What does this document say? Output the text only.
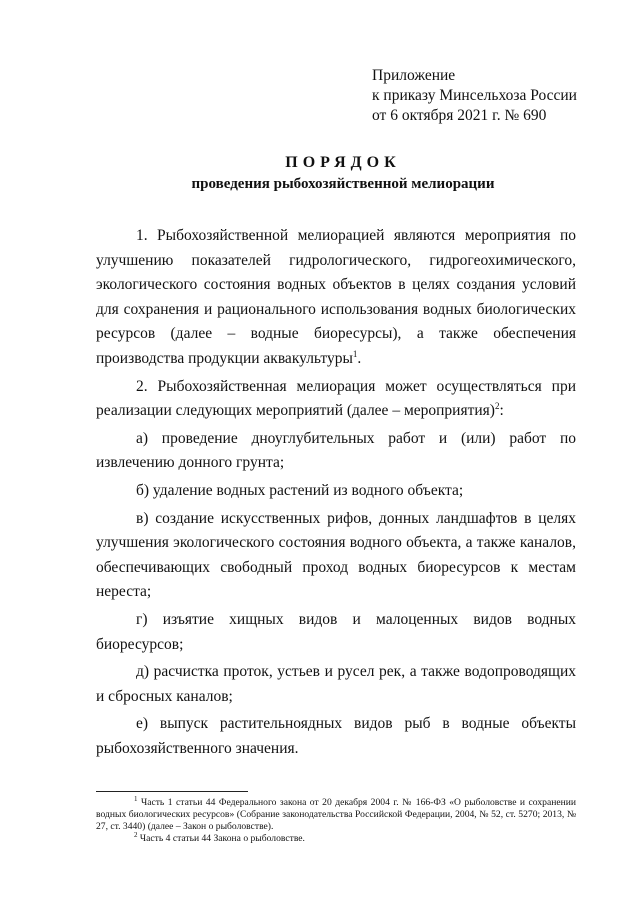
Приложение
к приказу Минсельхоза России
от 6 октября 2021 г. № 690
ПОРЯДОК
проведения рыбохозяйственной мелиорации

1. Рыбохозяйственной мелиорацией являются мероприятия по улучшению показателей гидрологического, гидрогеохимического, экологического состояния водных объектов в целях создания условий для сохранения и рационального использования водных биологических ресурсов (далее – водные биоресурсы), а также обеспечения производства продукции аквакультуры$^1$.

2. Рыбохозяйственная мелиорация может осуществляться при реализации следующих мероприятий (далее – мероприятия)$^2$:

а) проведение дноуглубительных работ и (или) работ по извлечению донного грунта;

б) удаление водных растений из водного объекта;

в) создание искусственных рифов, донных ландшафтов в целях улучшения экологического состояния водного объекта, а также каналов, обеспечивающих свободный проход водных биоресурсов к местам нереста;

г) изъятие хищных видов и малоценных видов водных биоресурсов;

д) расчистка проток, устьев и русел рек, а также водопроводящих и сбросных каналов;

е) выпуск растительноядных видов рыб в водные объекты рыбохозяйственного значения.

$^1$ Часть 1 статьи 44 Федерального закона от 20 декабря 2004 г. № 166-ФЗ «О рыболовстве и сохранении водных биологических ресурсов» (Собрание законодательства Российской Федерации, 2004, № 52, ст. 5270; 2013, № 27, ст. 3440) (далее – Закон о рыболовстве).

$^2$ Часть 4 статьи 44 Закона о рыболовстве.
